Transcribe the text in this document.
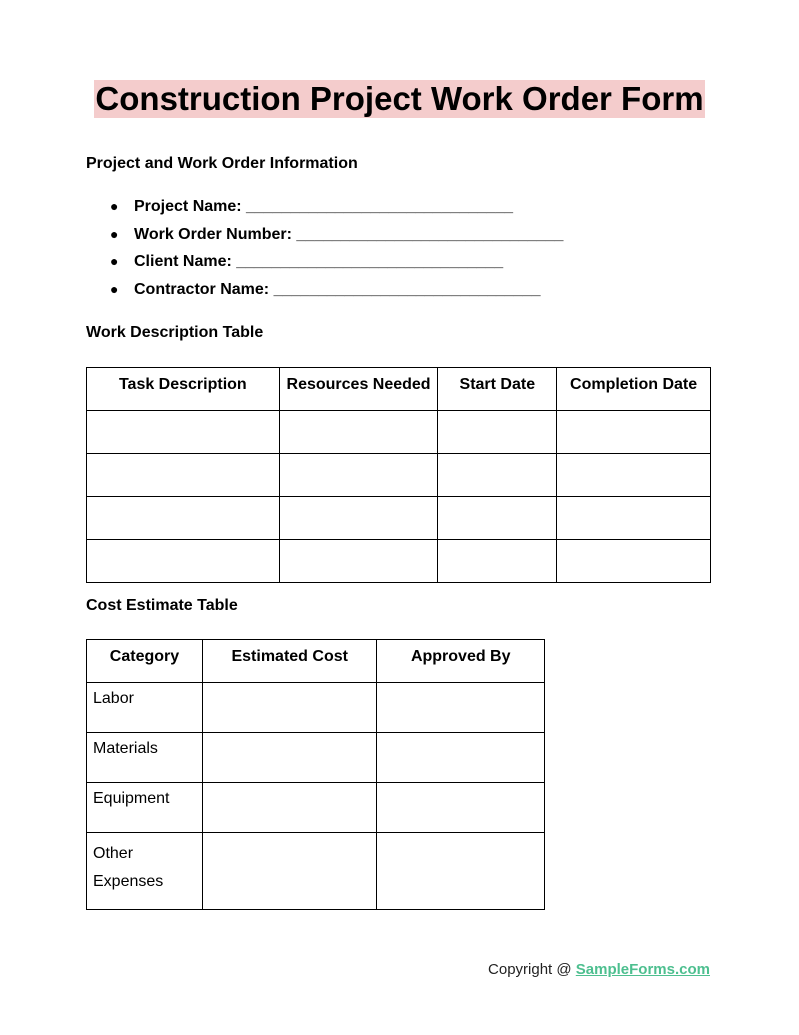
Construction Project Work Order Form
Project and Work Order Information
● Project Name:
______________________________
● Work Order Number:
______________________________
● Client Name:
______________________________
● Contractor Name:
______________________________
Work Description Table
Task Description	Resources Needed	Start Date	Completion Date

Cost Estimate Table
Category	Estimated Cost	Approved By
Labor		
Materials		
Equipment		
Other Expenses		
Copyright @ SampleForms.com
